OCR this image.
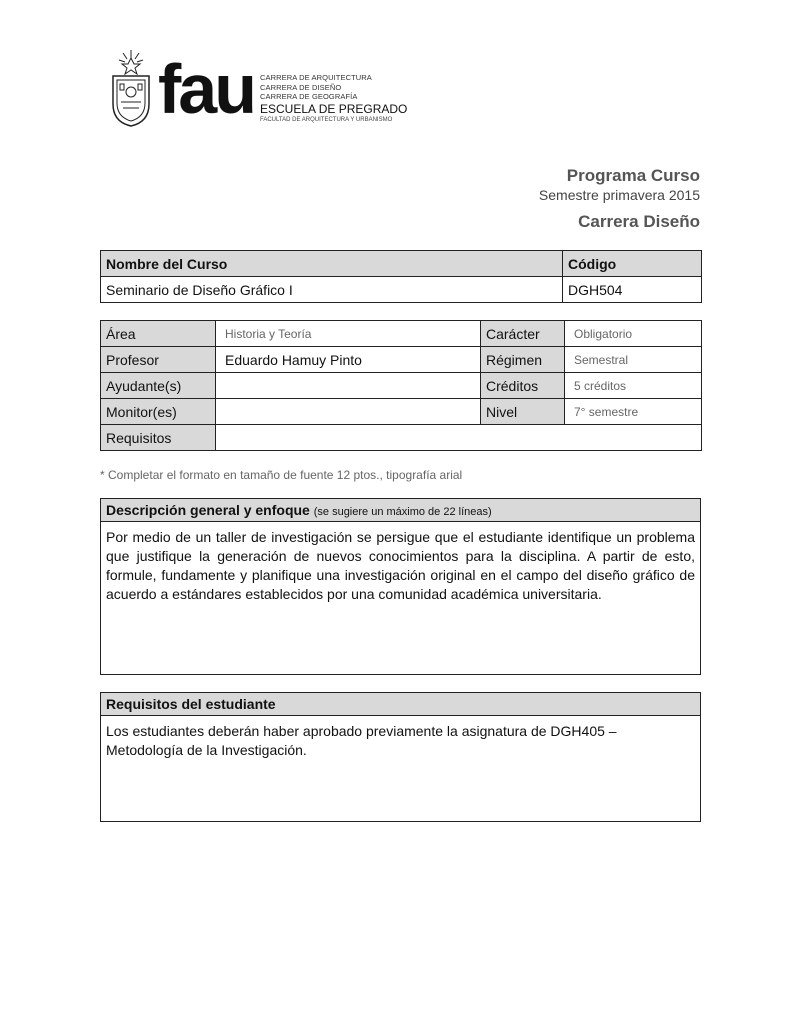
fau CARRERA DE ARQUITECTURA
CARRERA DE DISEÑO
CARRERA DE GEOGRAFÍA
ESCUELA DE PREGRADO
FACULTAD DE ARQUITECTURA Y URBANISMO
Programa Curso
Semestre primavera 2015
Carrera Diseño
Nombre del Curso	Código
Seminario de Diseño Gráfico I	DGH504
Área	Historia y Teoría	Carácter	Obligatorio
Profesor	Eduardo Hamuy Pinto	Régimen	Semestral
Ayudante(s)		Créditos	5 créditos
Monitor(es)		Nivel	7° semestre
Requisitos			
* Completar el formato en tamaño de fuente 12 ptos., tipografía arial
Descripción general y enfoque (se sugiere un máximo de 22 líneas)
Por medio de un taller de investigación se persigue que el estudiante identifique un problema que justifique la generación de nuevos conocimientos para la disciplina. A partir de esto, formule, fundamente y planifique una investigación original en el campo del diseño gráfico de acuerdo a estándares establecidos por una comunidad académica universitaria.
Requisitos del estudiante
Los estudiantes deberán haber aprobado previamente la asignatura de DGH405 – Metodología de la Investigación.
